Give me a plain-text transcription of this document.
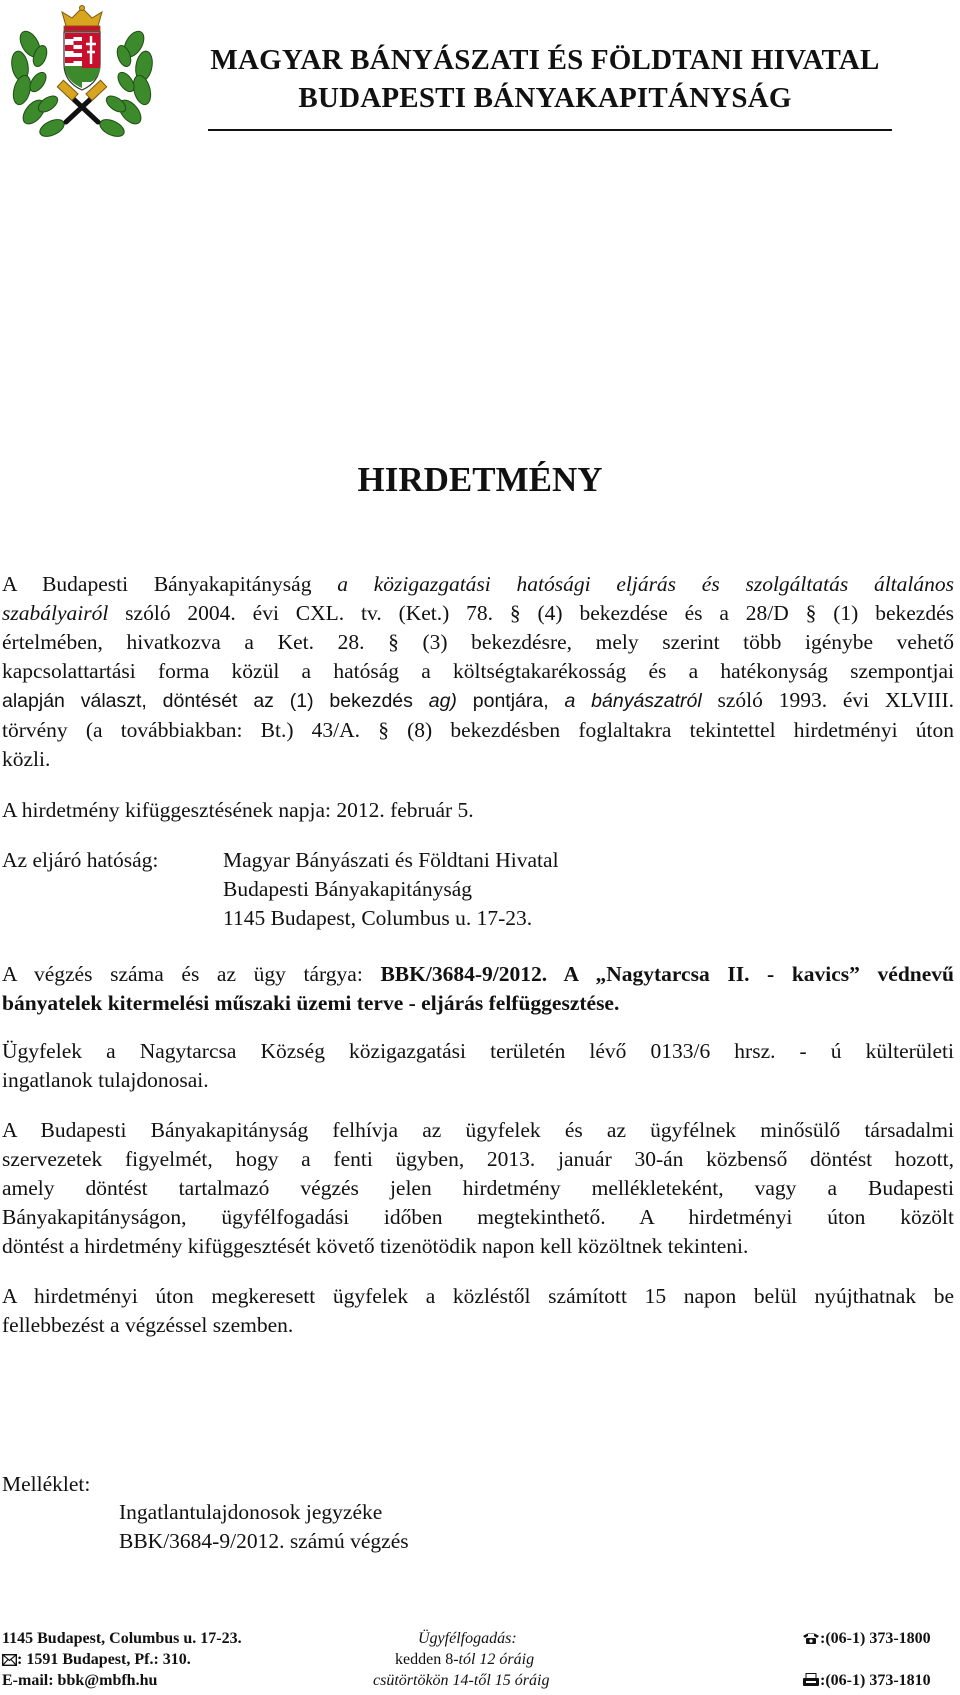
MAGYAR BÁNYÁSZATI ÉS FÖLDTANI HIVATAL
BUDAPESTI BÁNYAKAPITÁNYSÁG
HIRDETMÉNY
A Budapesti Bányakapitányság a közigazgatási hatósági eljárás és szolgáltatás általános
szabályairól szóló 2004. évi CXL. tv. (Ket.) 78. § (4) bekezdése és a 28/D § (1) bekezdés
értelmében, hivatkozva a Ket. 28. § (3) bekezdésre, mely szerint több igénybe vehető
kapcsolattartási forma közül a hatóság a költségtakarékosság és a hatékonyság szempontjai
alapján választ, döntését az (1) bekezdés ag) pontjára, a bányászatról szóló 1993. évi XLVIII.
törvény (a továbbiakban: Bt.) 43/A. § (8) bekezdésben foglaltakra tekintettel hirdetményi úton
közli.
A hirdetmény kifüggesztésének napja: 2012. február 5.
Az eljáró hatóság:	Magyar Bányászati és Földtani Hivatal
Budapesti Bányakapitányság
1145 Budapest, Columbus u. 17-23.
A végzés száma és az ügy tárgya: BBK/3684-9/2012. A „Nagytarcsa II. - kavics” védnevű
bányatelek kitermelési műszaki üzemi terve - eljárás felfüggesztése.
Ügyfelek a Nagytarcsa Község közigazgatási területén lévő 0133/6 hrsz. - ú külterületi
ingatlanok tulajdonosai.
A Budapesti Bányakapitányság felhívja az ügyfelek és az ügyfélnek minősülő társadalmi
szervezetek figyelmét, hogy a fenti ügyben, 2013. január 30-án közbenső döntést hozott,
amely döntést tartalmazó végzés jelen hirdetmény mellékleteként, vagy a Budapesti
Bányakapitányságon, ügyfélfogadási időben megtekinthető. A hirdetményi úton közölt
döntést a hirdetmény kifüggesztését követő tizenötödik napon kell közöltnek tekinteni.
A hirdetményi úton megkeresett ügyfelek a közléstől számított 15 napon belül nyújthatnak be
fellebbezést a végzéssel szemben.
Melléklet:
Ingatlantulajdonosok jegyzéke
BBK/3684-9/2012. számú végzés
1145 Budapest, Columbus u. 17-23.
: 1591 Budapest, Pf.: 310.
E-mail: bbk@mbfh.hu
Ügyfélfogadás:
kedden 8-tól 12 óráig
csütörtökön 14-től 15 óráig
:(06-1) 373-1800
:(06-1) 373-1810
